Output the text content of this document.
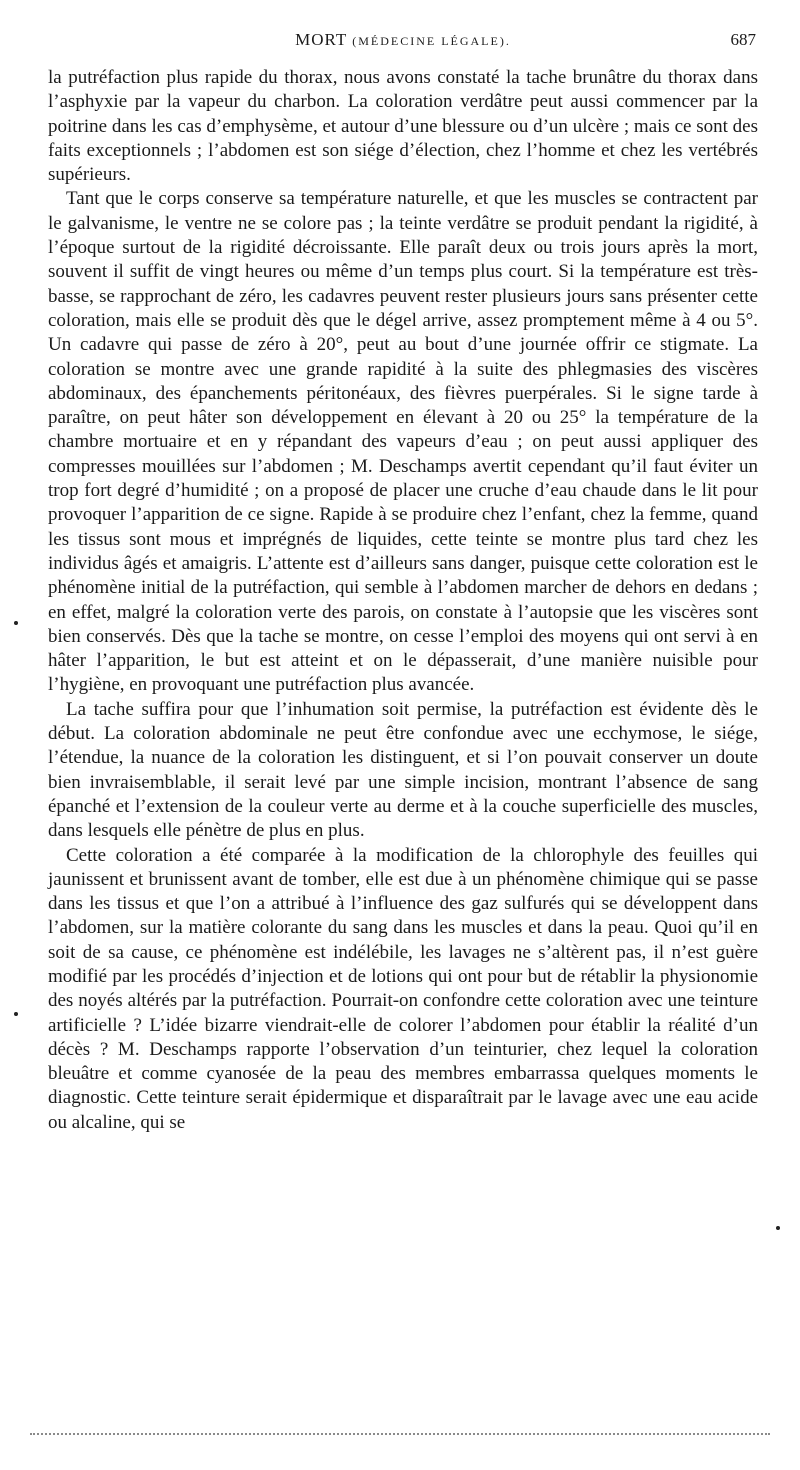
MORT (MÉDECINE LÉGALE).	687

la putréfaction plus rapide du thorax, nous avons constaté la tache brunâtre du thorax dans l’asphyxie par la vapeur du charbon. La coloration verdâtre peut aussi commencer par la poitrine dans les cas d’emphysème, et autour d’une blessure ou d’un ulcère ; mais ce sont des faits exceptionnels ; l’abdomen est son siége d’élection, chez l’homme et chez les vertébrés supérieurs.

Tant que le corps conserve sa température naturelle, et que les muscles se contractent par le galvanisme, le ventre ne se colore pas ; la teinte verdâtre se produit pendant la rigidité, à l’époque surtout de la rigidité décroissante. Elle paraît deux ou trois jours après la mort, souvent il suffit de vingt heures ou même d’un temps plus court. Si la température est très-basse, se rapprochant de zéro, les cadavres peuvent rester plusieurs jours sans présenter cette coloration, mais elle se produit dès que le dégel arrive, assez promptement même à 4 ou 5°. Un cadavre qui passe de zéro à 20°, peut au bout d’une journée offrir ce stigmate. La coloration se montre avec une grande rapidité à la suite des phlegmasies des viscères abdominaux, des épanchements péritonéaux, des fièvres puerpérales. Si le signe tarde à paraître, on peut hâter son développement en élevant à 20 ou 25° la température de la chambre mortuaire et en y répandant des vapeurs d’eau ; on peut aussi appliquer des compresses mouillées sur l’abdomen ; M. Deschamps avertit cependant qu’il faut éviter un trop fort degré d’humidité ; on a proposé de placer une cruche d’eau chaude dans le lit pour provoquer l’apparition de ce signe. Rapide à se produire chez l’enfant, chez la femme, quand les tissus sont mous et imprégnés de liquides, cette teinte se montre plus tard chez les individus âgés et amaigris. L’attente est d’ailleurs sans danger, puisque cette coloration est le phénomène initial de la putréfaction, qui semble à l’abdomen marcher de dehors en dedans ; en effet, malgré la coloration verte des parois, on constate à l’autopsie que les viscères sont bien conservés. Dès que la tache se montre, on cesse l’emploi des moyens qui ont servi à en hâter l’apparition, le but est atteint et on le dépasserait, d’une manière nuisible pour l’hygiène, en provoquant une putréfaction plus avancée.

La tache suffira pour que l’inhumation soit permise, la putréfaction est évidente dès le début. La coloration abdominale ne peut être confondue avec une ecchymose, le siége, l’étendue, la nuance de la coloration les distinguent, et si l’on pouvait conserver un doute bien invraisemblable, il serait levé par une simple incision, montrant l’absence de sang épanché et l’extension de la couleur verte au derme et à la couche superficielle des muscles, dans lesquels elle pénètre de plus en plus.

Cette coloration a été comparée à la modification de la chlorophyle des feuilles qui jaunissent et brunissent avant de tomber, elle est due à un phénomène chimique qui se passe dans les tissus et que l’on a attribué à l’influence des gaz sulfurés qui se développent dans l’abdomen, sur la matière colorante du sang dans les muscles et dans la peau. Quoi qu’il en soit de sa cause, ce phénomène est indélébile, les lavages ne s’altèrent pas, il n’est guère modifié par les procédés d’injection et de lotions qui ont pour but de rétablir la physionomie des noyés altérés par la putréfaction. Pourrait-on confondre cette coloration avec une teinture artificielle ? L’idée bizarre viendrait-elle de colorer l’abdomen pour établir la réalité d’un décès ? M. Deschamps rapporte l’observation d’un teinturier, chez lequel la coloration bleuâtre et comme cyanosée de la peau des membres embarrassa quelques moments le diagnostic. Cette teinture serait épidermique et disparaîtrait par le lavage avec une eau acide ou alcaline, qui se
